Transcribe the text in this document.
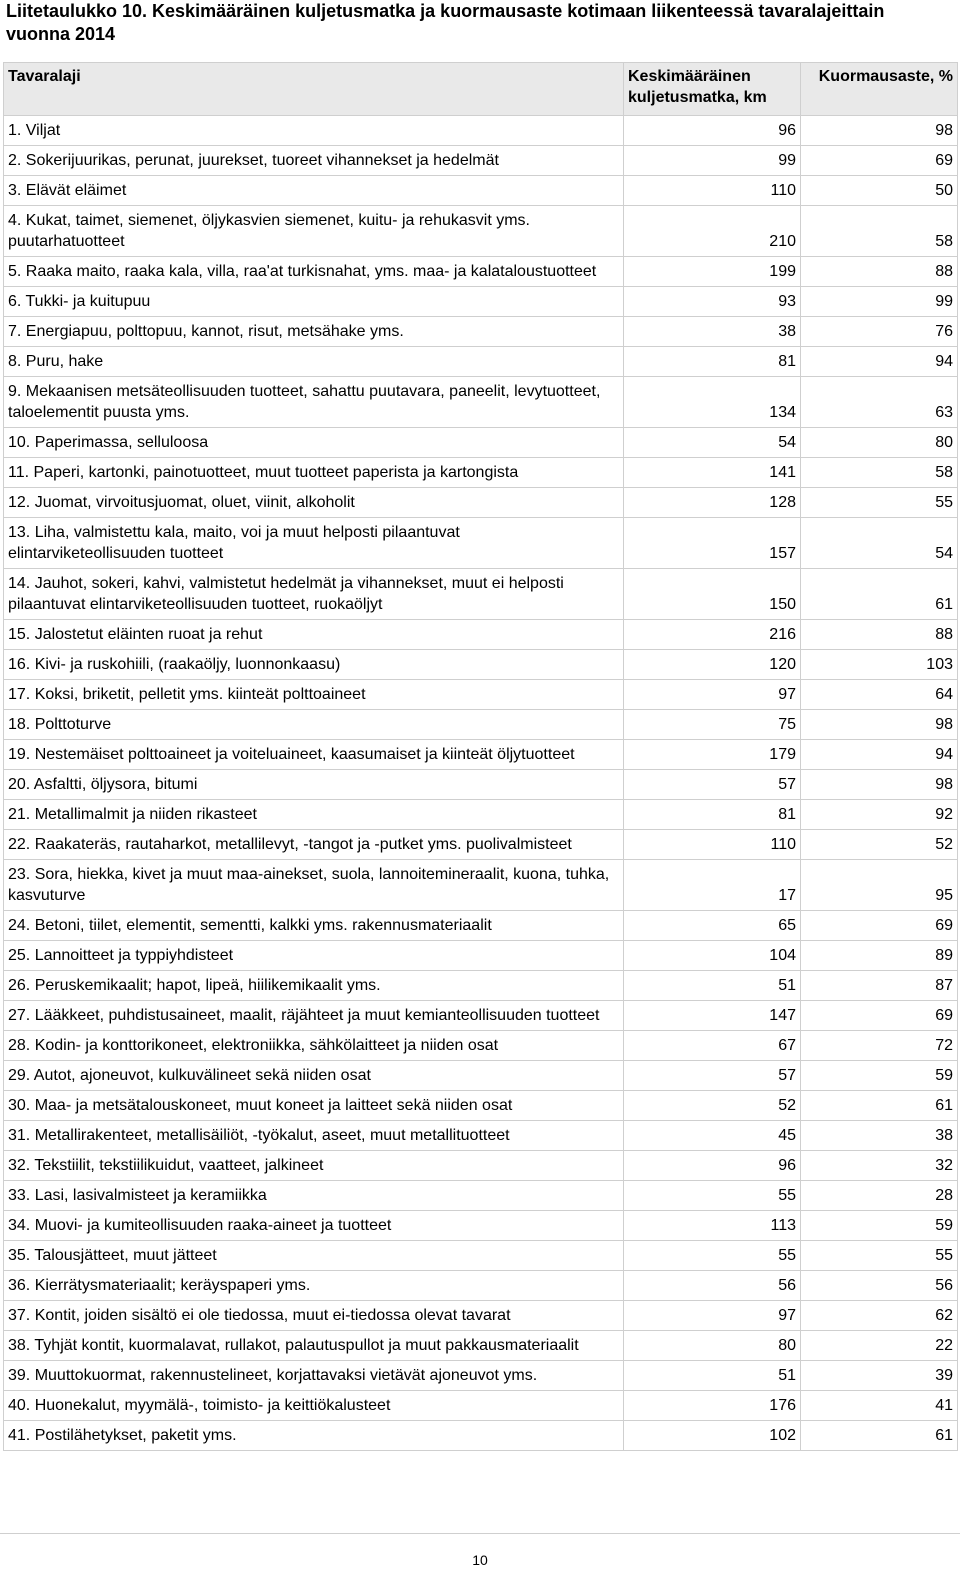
Liitetaulukko 10. Keskimääräinen kuljetusmatka ja kuormausaste kotimaan liikenteessä tavaralajeittain vuonna 2014
Tavaralaji	Keskimääräinen kuljetusmatka, km	Kuormausaste, %
1. Viljat	96	98
2. Sokerijuurikas, perunat, juurekset, tuoreet vihannekset ja hedelmät	99	69
3. Elävät eläimet	110	50
4. Kukat, taimet, siemenet, öljykasvien siemenet, kuitu- ja rehukasvit yms. puutarhatuotteet	210	58
5. Raaka maito, raaka kala, villa, raa'at turkisnahat, yms. maa- ja kalataloustuotteet	199	88
6. Tukki- ja kuitupuu	93	99
7. Energiapuu, polttopuu, kannot, risut, metsähake yms.	38	76
8. Puru, hake	81	94
9. Mekaanisen metsäteollisuuden tuotteet, sahattu puutavara, paneelit, levytuotteet, taloelementit puusta yms.	134	63
10. Paperimassa, selluloosa	54	80
11. Paperi, kartonki, painotuotteet, muut tuotteet paperista ja kartongista	141	58
12. Juomat, virvoitusjuomat, oluet, viinit, alkoholit	128	55
13. Liha, valmistettu kala, maito, voi ja muut helposti pilaantuvat elintarviketeollisuuden tuotteet	157	54
14. Jauhot, sokeri, kahvi, valmistetut hedelmät ja vihannekset, muut ei helposti pilaantuvat elintarviketeollisuuden tuotteet, ruokaöljyt	150	61
15. Jalostetut eläinten ruoat ja rehut	216	88
16. Kivi- ja ruskohiili, (raakaöljy, luonnonkaasu)	120	103
17. Koksi, briketit, pelletit yms. kiinteät polttoaineet	97	64
18. Polttoturve	75	98
19. Nestemäiset polttoaineet ja voiteluaineet, kaasumaiset ja kiinteät öljytuotteet	179	94
20. Asfaltti, öljysora, bitumi	57	98
21. Metallimalmit ja niiden rikasteet	81	92
22. Raakateräs, rautaharkot, metallilevyt, -tangot ja -putket yms. puolivalmisteet	110	52
23. Sora, hiekka, kivet ja muut maa-ainekset, suola, lannoitemineraalit, kuona, tuhka, kasvuturve	17	95
24. Betoni, tiilet, elementit, sementti, kalkki yms. rakennusmateriaalit	65	69
25. Lannoitteet ja typpiyhdisteet	104	89
26. Peruskemikaalit; hapot, lipeä, hiilikemikaalit yms.	51	87
27. Lääkkeet, puhdistusaineet, maalit, räjähteet ja muut kemianteollisuuden tuotteet	147	69
28. Kodin- ja konttorikoneet, elektroniikka, sähkölaitteet ja niiden osat	67	72
29. Autot, ajoneuvot, kulkuvälineet sekä niiden osat	57	59
30. Maa- ja metsätalouskoneet, muut koneet ja laitteet sekä niiden osat	52	61
31. Metallirakenteet, metallisäiliöt, -työkalut, aseet, muut metallituotteet	45	38
32. Tekstiilit, tekstiilikuidut, vaatteet, jalkineet	96	32
33. Lasi, lasivalmisteet ja keramiikka	55	28
34. Muovi- ja kumiteollisuuden raaka-aineet ja tuotteet	113	59
35. Talousjätteet, muut jätteet	55	55
36. Kierrätysmateriaalit; keräyspaperi yms.	56	56
37. Kontit, joiden sisältö ei ole tiedossa, muut ei-tiedossa olevat tavarat	97	62
38. Tyhjät kontit, kuormalavat, rullakot, palautuspullot ja muut pakkausmateriaalit	80	22
39. Muuttokuormat, rakennustelineet, korjattavaksi vietävät ajoneuvot yms.	51	39
40. Huonekalut, myymälä-, toimisto- ja keittiökalusteet	176	41
41. Postilähetykset, paketit yms.	102	61
10
